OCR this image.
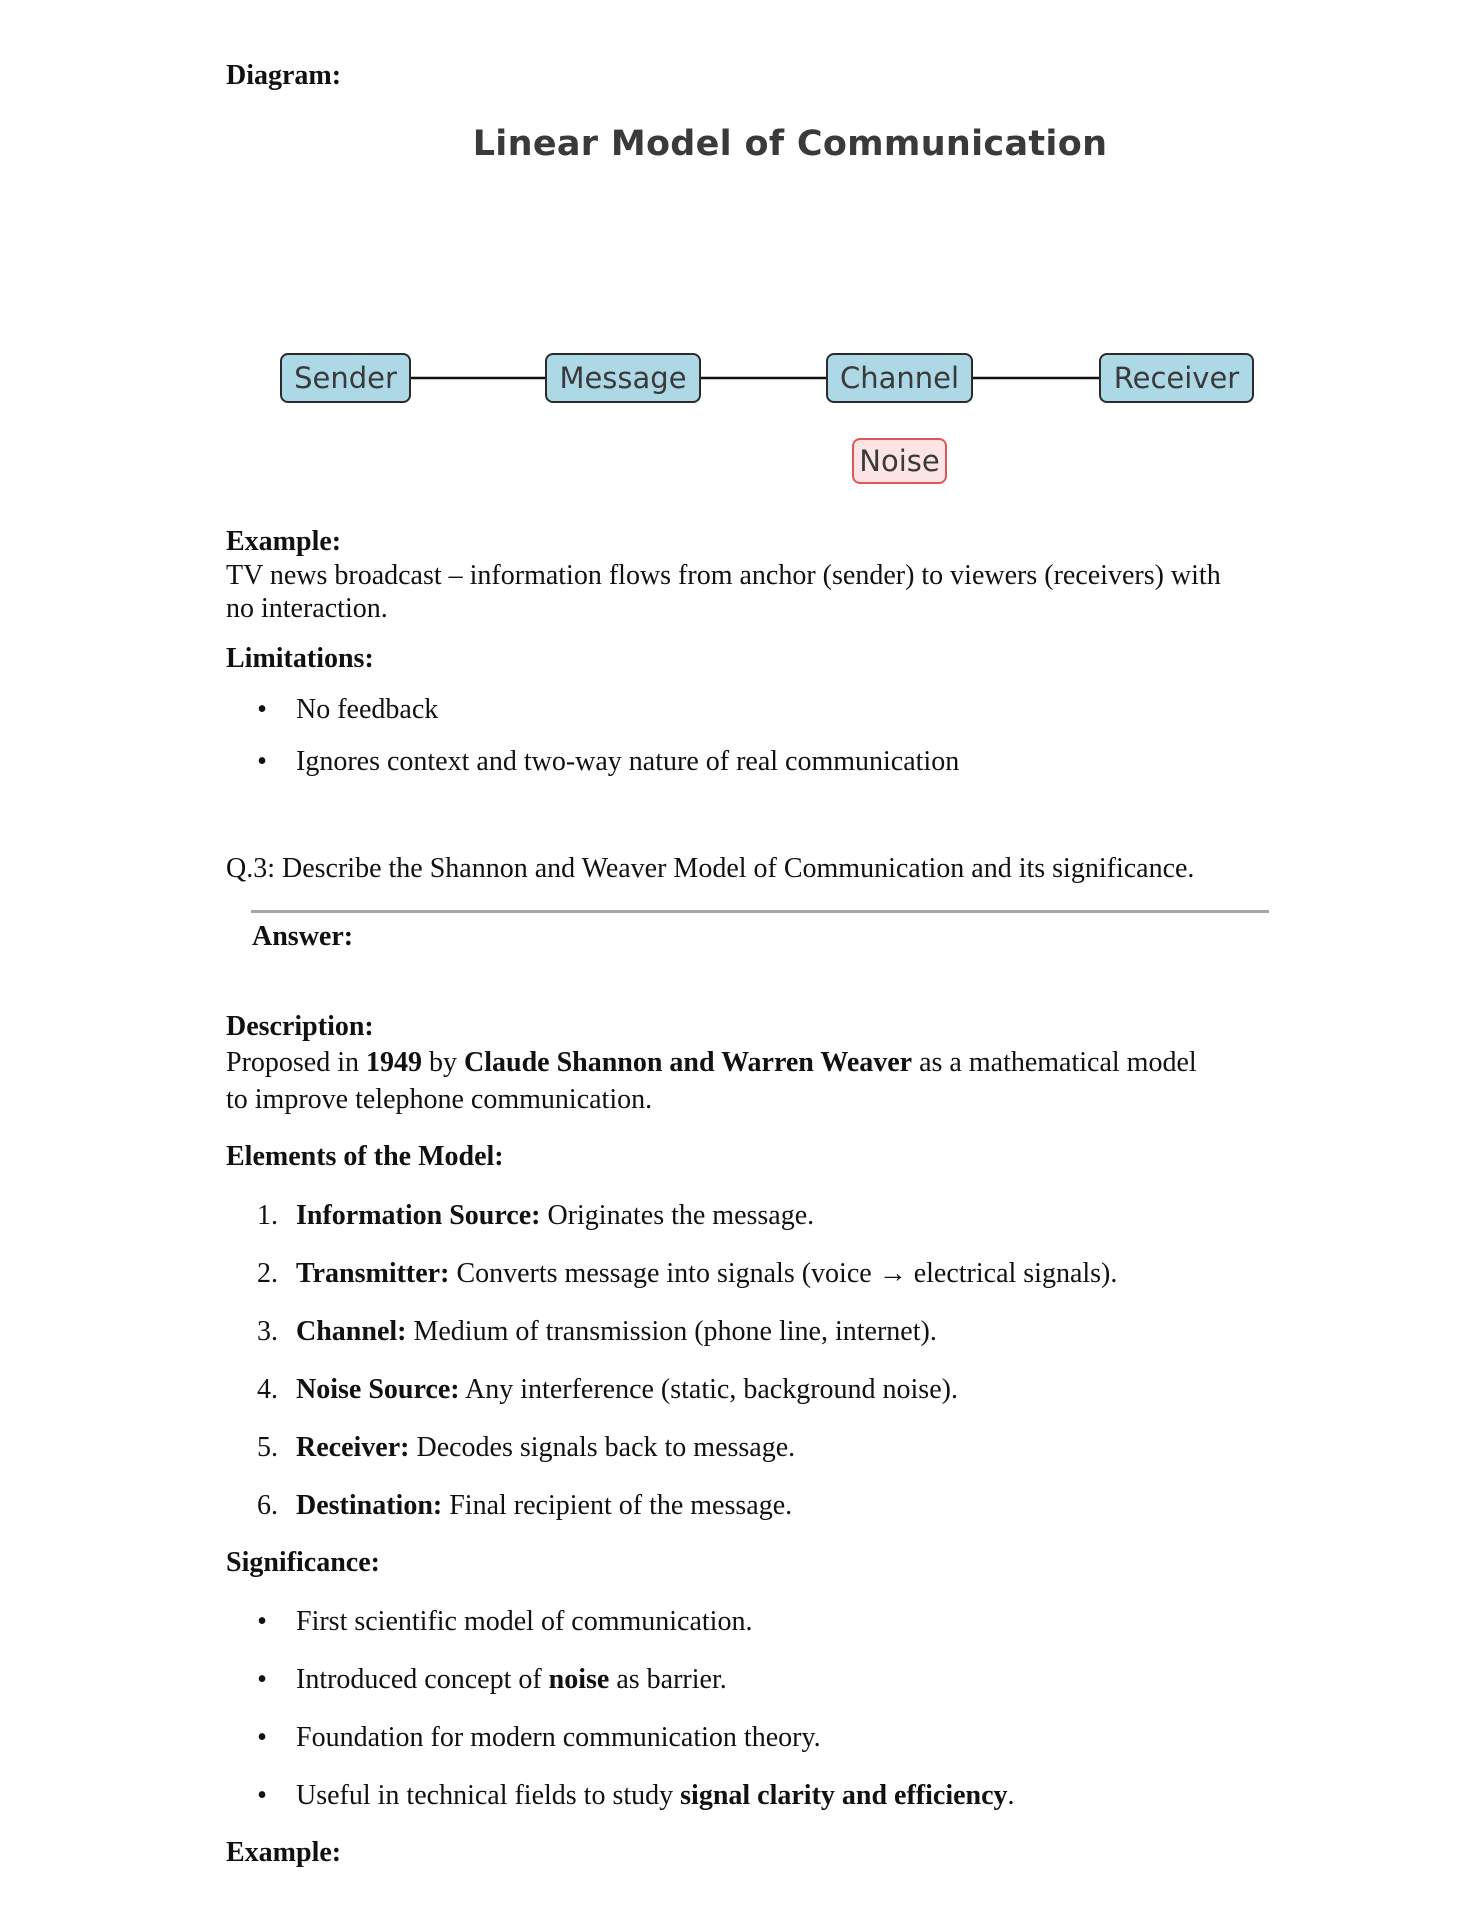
Diagram:
Linear Model of Communication
Sender	Message	Channel	Receiver
Noise
Example:
TV news broadcast – information flows from anchor (sender) to viewers (receivers) with
no interaction.
Limitations:
• No feedback
• Ignores context and two-way nature of real communication
Q.3: Describe the Shannon and Weaver Model of Communication and its significance.
Answer:
Description:
Proposed in 1949 by Claude Shannon and Warren Weaver as a mathematical model
to improve telephone communication.
Elements of the Model:
1. Information Source: Originates the message.
2. Transmitter: Converts message into signals (voice → electrical signals).
3. Channel: Medium of transmission (phone line, internet).
4. Noise Source: Any interference (static, background noise).
5. Receiver: Decodes signals back to message.
6. Destination: Final recipient of the message.
Significance:
• First scientific model of communication.
• Introduced concept of noise as barrier.
• Foundation for modern communication theory.
• Useful in technical fields to study signal clarity and efficiency.
Example:
